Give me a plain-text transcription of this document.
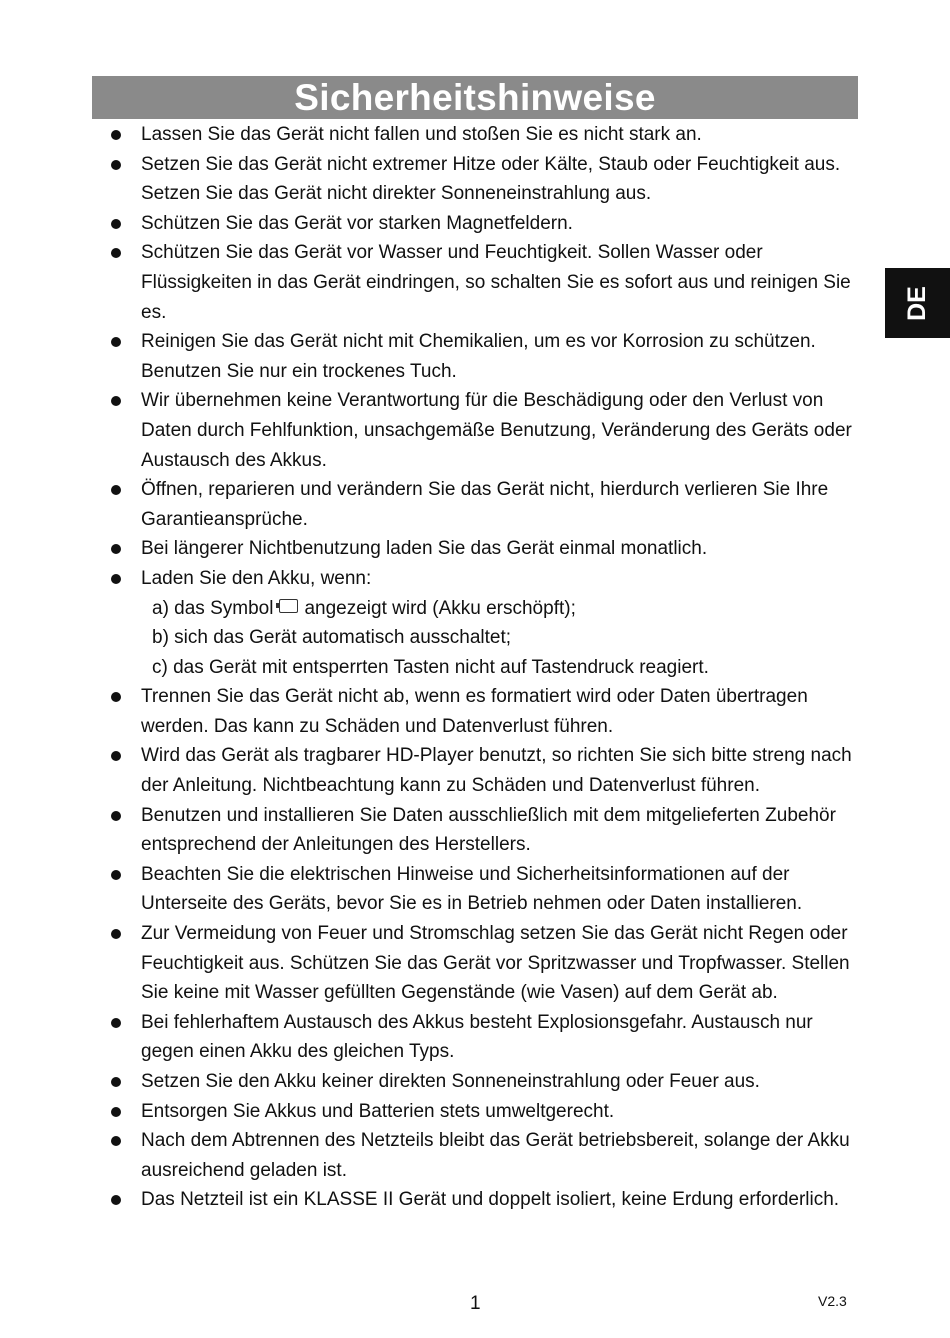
Sicherheitshinweise
DE
Lassen Sie das Gerät nicht fallen und stoßen Sie es nicht stark an.
Setzen Sie das Gerät nicht extremer Hitze oder Kälte, Staub oder Feuchtigkeit aus. Setzen Sie das Gerät nicht direkter Sonneneinstrahlung aus.
Schützen Sie das Gerät vor starken Magnetfeldern.
Schützen Sie das Gerät vor Wasser und Feuchtigkeit. Sollen Wasser oder Flüssigkeiten in das Gerät eindringen, so schalten Sie es sofort aus und reinigen Sie es.
Reinigen Sie das Gerät nicht mit Chemikalien, um es vor Korrosion zu schützen. Benutzen Sie nur ein trockenes Tuch.
Wir übernehmen keine Verantwortung für die Beschädigung oder den Verlust von Daten durch Fehlfunktion, unsachgemäße Benutzung, Veränderung des Geräts oder Austausch des Akkus.
Öffnen, reparieren und verändern Sie das Gerät nicht, hierdurch verlieren Sie Ihre Garantieansprüche.
Bei längerer Nichtbenutzung laden Sie das Gerät einmal monatlich.
Laden Sie den Akku, wenn:
a) das Symbol angezeigt wird (Akku erschöpft);
b) sich das Gerät automatisch ausschaltet;
c) das Gerät mit entsperrten Tasten nicht auf Tastendruck reagiert.
Trennen Sie das Gerät nicht ab, wenn es formatiert wird oder Daten übertragen werden. Das kann zu Schäden und Datenverlust führen.
Wird das Gerät als tragbarer HD-Player benutzt, so richten Sie sich bitte streng nach der Anleitung. Nichtbeachtung kann zu Schäden und Datenverlust führen.
Benutzen und installieren Sie Daten ausschließlich mit dem mitgelieferten Zubehör entsprechend der Anleitungen des Herstellers.
Beachten Sie die elektrischen Hinweise und Sicherheitsinformationen auf der Unterseite des Geräts, bevor Sie es in Betrieb nehmen oder Daten installieren.
Zur Vermeidung von Feuer und Stromschlag setzen Sie das Gerät nicht Regen oder Feuchtigkeit aus. Schützen Sie das Gerät vor Spritzwasser und Tropfwasser. Stellen Sie keine mit Wasser gefüllten Gegenstände (wie Vasen) auf dem Gerät ab.
Bei fehlerhaftem Austausch des Akkus besteht Explosionsgefahr. Austausch nur gegen einen Akku des gleichen Typs.
Setzen Sie den Akku keiner direkten Sonneneinstrahlung oder Feuer aus.
Entsorgen Sie Akkus und Batterien stets umweltgerecht.
Nach dem Abtrennen des Netzteils bleibt das Gerät betriebsbereit, solange der Akku ausreichend geladen ist.
Das Netzteil ist ein KLASSE II Gerät und doppelt isoliert, keine Erdung erforderlich.
1	V2.3
